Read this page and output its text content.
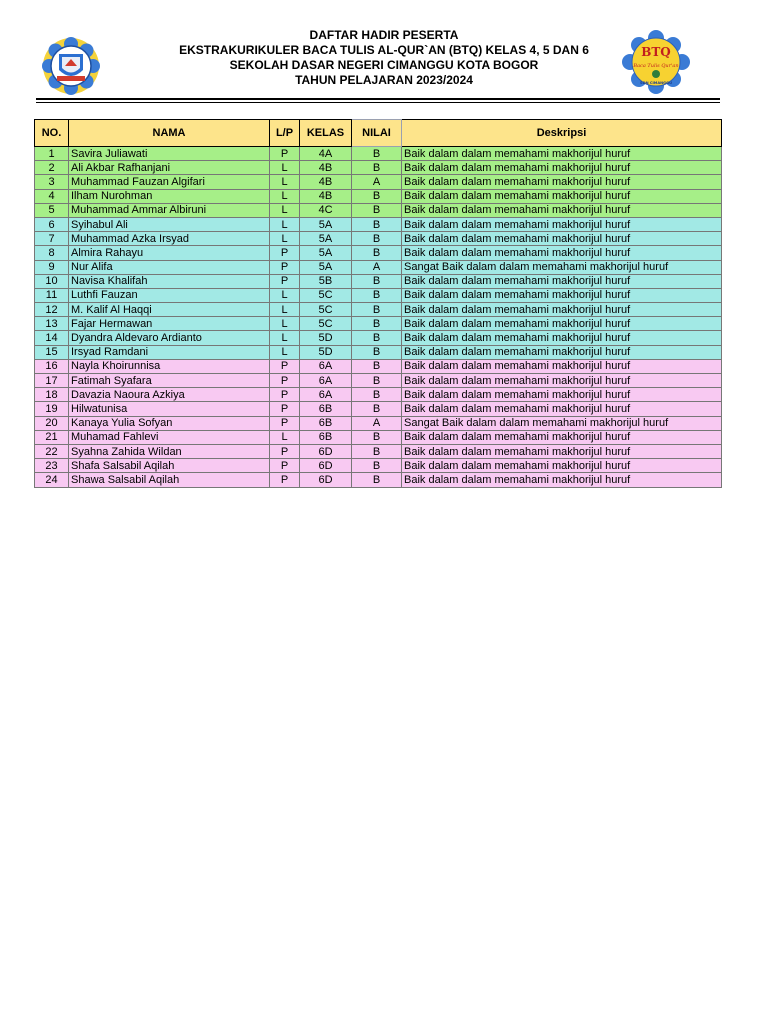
BTQ
Baca Tulis Qur'an
SDN CIMANGGU
DAFTAR HADIR PESERTA
EKSTRAKURIKULER BACA TULIS AL-QUR`AN (BTQ) KELAS 4, 5 DAN 6
SEKOLAH DASAR NEGERI CIMANGGU KOTA BOGOR
TAHUN PELAJARAN 2023/2024
NO.	NAMA	L/P	KELAS	NILAI	Deskripsi
1	Savira Juliawati	P	4A	B	Baik dalam dalam memahami makhorijul huruf
2	Ali Akbar Rafhanjani	L	4B	B	Baik dalam dalam memahami makhorijul huruf
3	Muhammad Fauzan Algifari	L	4B	A	Baik dalam dalam memahami makhorijul huruf
4	Ilham Nurohman	L	4B	B	Baik dalam dalam memahami makhorijul huruf
5	Muhammad Ammar Albiruni	L	4C	B	Baik dalam dalam memahami makhorijul huruf
6	Syihabul Ali	L	5A	B	Baik dalam dalam memahami makhorijul huruf
7	Muhammad Azka Irsyad	L	5A	B	Baik dalam dalam memahami makhorijul huruf
8	Almira Rahayu	P	5A	B	Baik dalam dalam memahami makhorijul huruf
9	Nur Alifa	P	5A	A	Sangat Baik dalam dalam memahami makhorijul huruf
10	Navisa Khalifah	P	5B	B	Baik dalam dalam memahami makhorijul huruf
11	Luthfi Fauzan	L	5C	B	Baik dalam dalam memahami makhorijul huruf
12	M. Kalif Al Haqqi	L	5C	B	Baik dalam dalam memahami makhorijul huruf
13	Fajar Hermawan	L	5C	B	Baik dalam dalam memahami makhorijul huruf
14	Dyandra Aldevaro Ardianto	L	5D	B	Baik dalam dalam memahami makhorijul huruf
15	Irsyad Ramdani	L	5D	B	Baik dalam dalam memahami makhorijul huruf
16	Nayla Khoirunnisa	P	6A	B	Baik dalam dalam memahami makhorijul huruf
17	Fatimah Syafara	P	6A	B	Baik dalam dalam memahami makhorijul huruf
18	Davazia Naoura Azkiya	P	6A	B	Baik dalam dalam memahami makhorijul huruf
19	Hilwatunisa	P	6B	B	Baik dalam dalam memahami makhorijul huruf
20	Kanaya Yulia Sofyan	P	6B	A	Sangat Baik dalam dalam memahami makhorijul huruf
21	Muhamad Fahlevi	L	6B	B	Baik dalam dalam memahami makhorijul huruf
22	Syahna Zahida Wildan	P	6D	B	Baik dalam dalam memahami makhorijul huruf
23	Shafa Salsabil Aqilah	P	6D	B	Baik dalam dalam memahami makhorijul huruf
24	Shawa Salsabil Aqilah	P	6D	B	Baik dalam dalam memahami makhorijul huruf
